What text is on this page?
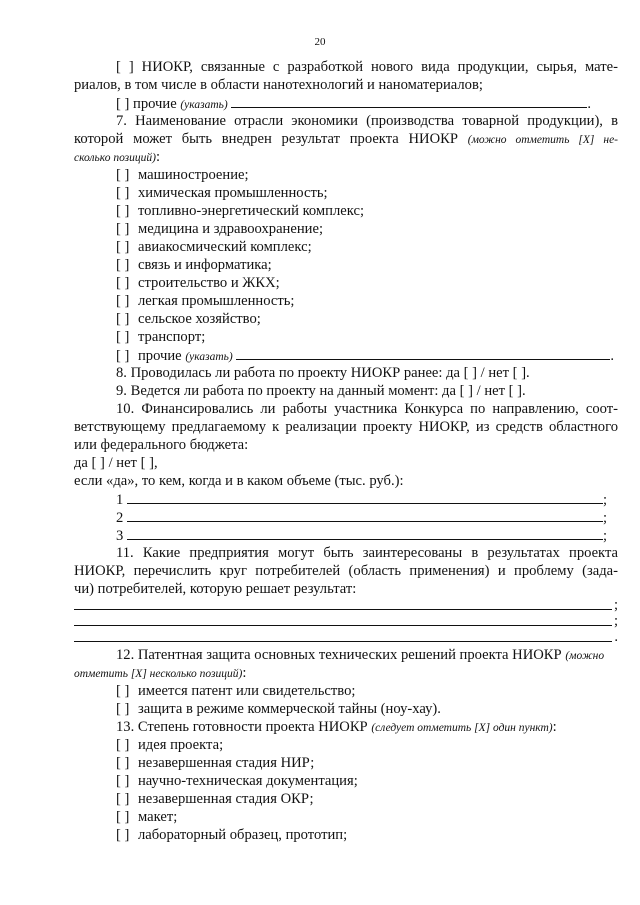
20
[ ] НИОКР, связанные с разработкой нового вида продукции, сырья, мате-
риалов, в том числе в области нанотехнологий и наноматериалов;
[ ] прочие (указать)	.
7. Наименование отрасли экономики (производства товарной продукции), в
которой может быть внедрен результат проекта НИОКР (можно отметить [X] не-
сколько позиций):
[ ] машиностроение;
[ ] химическая промышленность;
[ ] топливно-энергетический комплекс;
[ ] медицина и здравоохранение;
[ ] авиакосмический комплекс;
[ ] связь и информатика;
[ ] строительство и ЖКХ;
[ ] легкая промышленность;
[ ] сельское хозяйство;
[ ] транспорт;
[ ] прочие (указать)	.
8. Проводилась ли работа по проекту НИОКР ранее: да [ ] / нет [ ].
9. Ведется ли работа по проекту на данный момент: да [ ] / нет [ ].
10. Финансировались ли работы участника Конкурса по направлению, соот-
ветствующему предлагаемому к реализации проекту НИОКР, из средств областного
или федерального бюджета:
да [ ] / нет [ ],
если «да», то кем, когда и в каком объеме (тыс. руб.):
1	;
2	;
3	;
11. Какие предприятия могут быть заинтересованы в результатах проекта
НИОКР, перечислить круг потребителей (область применения) и проблему (зада-
чи) потребителей, которую решает результат:
;
;
.
12. Патентная защита основных технических решений проекта НИОКР (можно
отметить [X] несколько позиций):
[ ] имеется патент или свидетельство;
[ ] защита в режиме коммерческой тайны (ноу-хау).
13. Степень готовности проекта НИОКР (следует отметить [X] один пункт):
[ ] идея проекта;
[ ] незавершенная стадия НИР;
[ ] научно-техническая документация;
[ ] незавершенная стадия ОКР;
[ ] макет;
[ ] лабораторный образец, прототип;
